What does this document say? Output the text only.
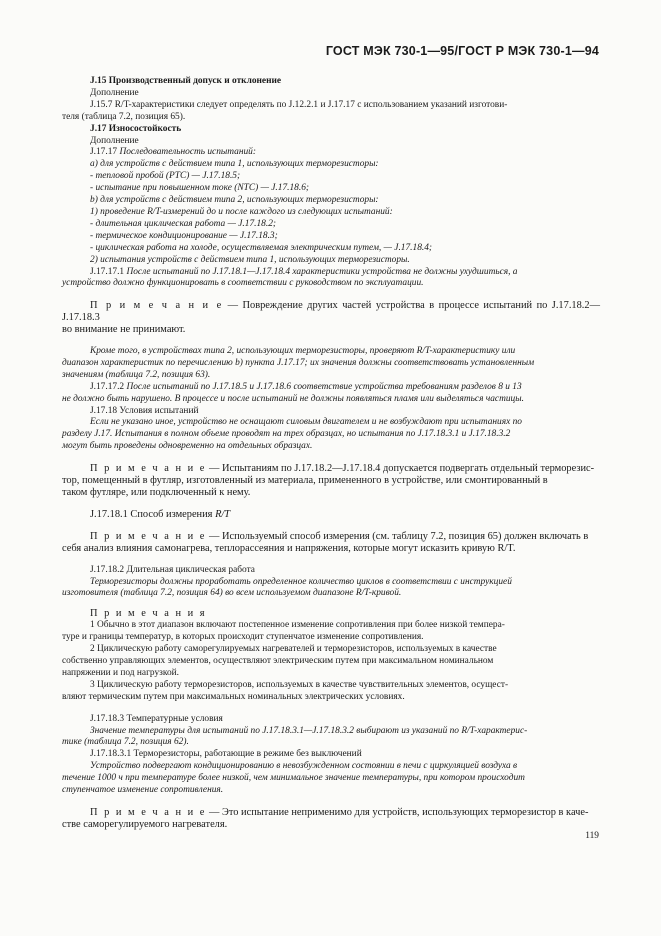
ГОСТ МЭК 730-1—95/ГОСТ Р МЭК 730-1—94

J.15 Производственный допуск и отклонение

Дополнение

J.15.7 R/T-характеристики следует определять по J.12.2.1 и J.17.17 с использованием указаний изготови-

теля (таблица 7.2, позиция 65).

J.17 Износостойкость

Дополнение

J.17.17 Последовательность испытаний:

a) для устройств с действием типа 1, использующих терморезисторы:

- тепловой пробой (PTC) — J.17.18.5;

- испытание при повышенном токе (NTC) — J.17.18.6;

b) для устройств с действием типа 2, использующих терморезисторы:

1) проведение R/T-измерений до и после каждого из следующих испытаний:

- длительная циклическая работа — J.17.18.2;

- термическое кондиционирование — J.17.18.3;

- циклическая работа на холоде, осуществляемая электрическим путем, — J.17.18.4;

2) испытания устройств с действием типа 1, использующих терморезисторы.

J.17.17.1 После испытаний по J.17.18.1—J.17.18.4 характеристики устройства не должны ухудшиться, а

устройство должно функционировать в соответствии с руководством по эксплуатации.

П р и м е ч а н и е — Повреждение других частей устройства в процессе испытаний по J.17.18.2—J.17.18.3

во внимание не принимают.

Кроме того, в устройствах типа 2, использующих терморезисторы, проверяют R/T-характеристику или

диапазон характеристик по перечислению b) пункта J.17.17; их значения должны соответствовать установленным

значениям (таблица 7.2, позиция 63).

J.17.17.2 После испытаний по J.17.18.5 и J.17.18.6 соответствие устройства требованиям разделов 8 и 13

не должно быть нарушено. В процессе и после испытаний не должны появляться пламя или выделяться частицы.

J.17.18 Условия испытаний

Если не указано иное, устройство не оснащают силовым двигателем и не возбуждают при испытаниях по

разделу J.17. Испытания в полном объеме проводят на трех образцах, но испытания по J.17.18.3.1 и J.17.18.3.2

могут быть проведены одновременно на отдельных образцах.

П р и м е ч а н и е — Испытаниям по J.17.18.2—J.17.18.4 допускается подвергать отдельный терморезис-

тор, помещенный в футляр, изготовленный из материала, примененного в устройстве, или смонтированный в

таком футляре, или подключенный к нему.

J.17.18.1 Способ измерения R/T

П р и м е ч а н и е — Используемый способ измерения (см. таблицу 7.2, позиция 65) должен включать в

себя анализ влияния самонагрева, теплорассеяния и напряжения, которые могут исказить кривую R/T.

J.17.18.2 Длительная циклическая работа

Терморезисторы должны проработать определенное количество циклов в соответствии с инструкцией

изготовителя (таблица 7.2, позиция 64) во всем используемом диапазоне R/T-кривой.

П р и м е ч а н и я

1 Обычно в этот диапазон включают постепенное изменение сопротивления при более низкой темпера-

туре и границы температур, в которых происходит ступенчатое изменение сопротивления.

2 Циклическую работу саморегулируемых нагревателей и терморезисторов, используемых в качестве

собственно управляющих элементов, осуществляют электрическим путем при максимальном номинальном

напряжении и под нагрузкой.

3 Циклическую работу терморезисторов, используемых в качестве чувствительных элементов, осущест-

вляют термическим путем при максимальных номинальных электрических условиях.

J.17.18.3 Температурные условия

Значение температуры для испытаний по J.17.18.3.1—J.17.18.3.2 выбирают из указаний по R/T-характерис-

тике (таблица 7.2, позиция 62).

J.17.18.3.1 Терморезисторы, работающие в режиме без выключений

Устройство подвергают кондиционированию в невозбужденном состоянии в печи с циркуляцией воздуха в

течение 1000 ч при температуре более низкой, чем минимальное значение температуры, при котором происходит

ступенчатое изменение сопротивления.

П р и м е ч а н и е — Это испытание неприменимо для устройств, использующих терморезистор в каче-

стве саморегулируемого нагревателя.

119
